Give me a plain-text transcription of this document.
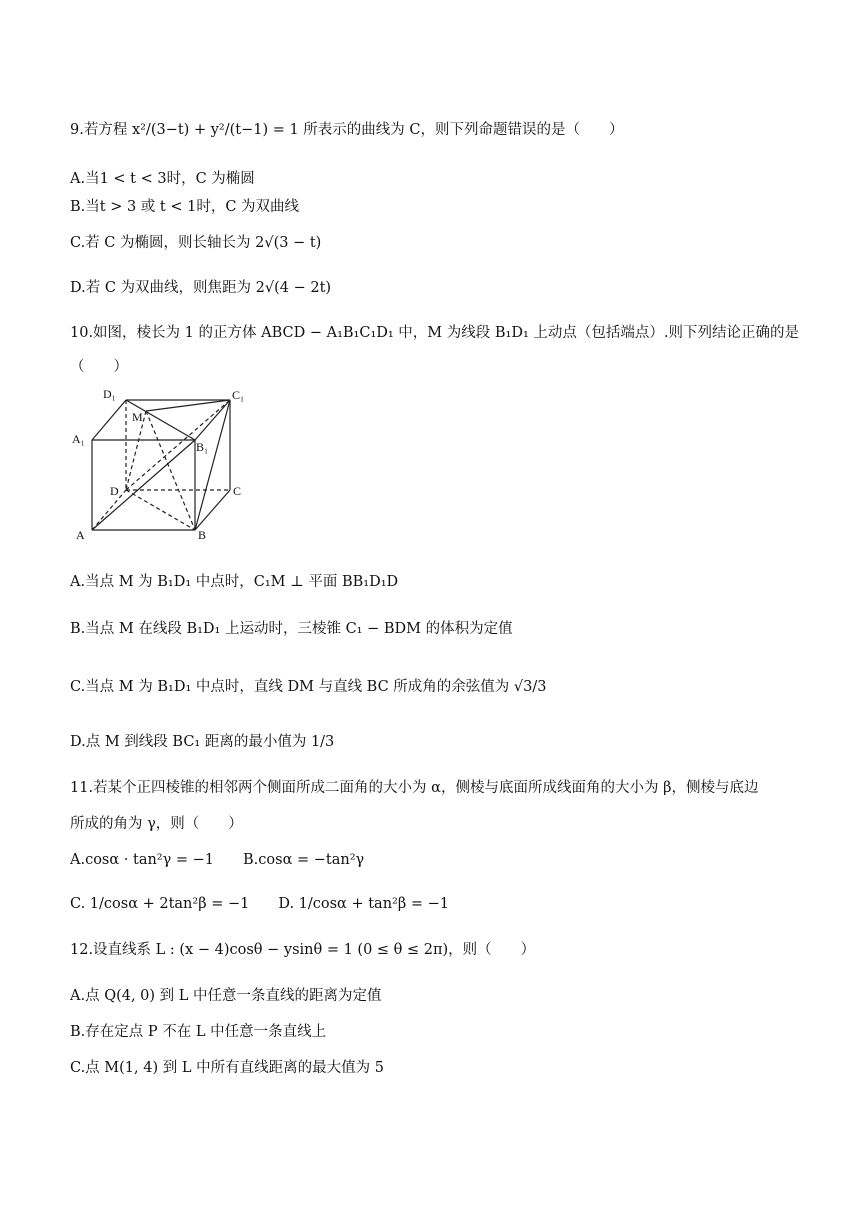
9.若方程 x²/(3−t) + y²/(t−1) = 1 所表示的曲线为 C，则下列命题错误的是（　　）
A.当1 < t < 3时，C 为椭圆
B.当t > 3 或 t < 1时，C 为双曲线
C.若 C 为椭圆，则长轴长为 2√(3 − t)
D.若 C 为双曲线，则焦距为 2√(4 − 2t)
10.如图，棱长为 1 的正方体 ABCD − A₁B₁C₁D₁ 中，M 为线段 B₁D₁ 上动点（包括端点）.则下列结论正确的是
（　　）
D₁	C₁
M
A₁
B₁
D	C
A	B
A.当点 M 为 B₁D₁ 中点时，C₁M ⊥ 平面 BB₁D₁D
B.当点 M 在线段 B₁D₁ 上运动时，三棱锥 C₁ − BDM 的体积为定值
C.当点 M 为 B₁D₁ 中点时，直线 DM 与直线 BC 所成角的余弦值为 √3/3
D.点 M 到线段 BC₁ 距离的最小值为 1/3
11.若某个正四棱锥的相邻两个侧面所成二面角的大小为 α，侧棱与底面所成线面角的大小为 β，侧棱与底边
所成的角为 γ，则（　　）
A.cosα · tan²γ = −1　　B.cosα = −tan²γ
C. 1/cosα + 2tan²β = −1　　D. 1/cosα + tan²β = −1
12.设直线系 L : (x − 4)cosθ − ysinθ = 1 (0 ≤ θ ≤ 2π)，则（　　）
A.点 Q(4, 0) 到 L 中任意一条直线的距离为定值
B.存在定点 P 不在 L 中任意一条直线上
C.点 M(1, 4) 到 L 中所有直线距离的最大值为 5
